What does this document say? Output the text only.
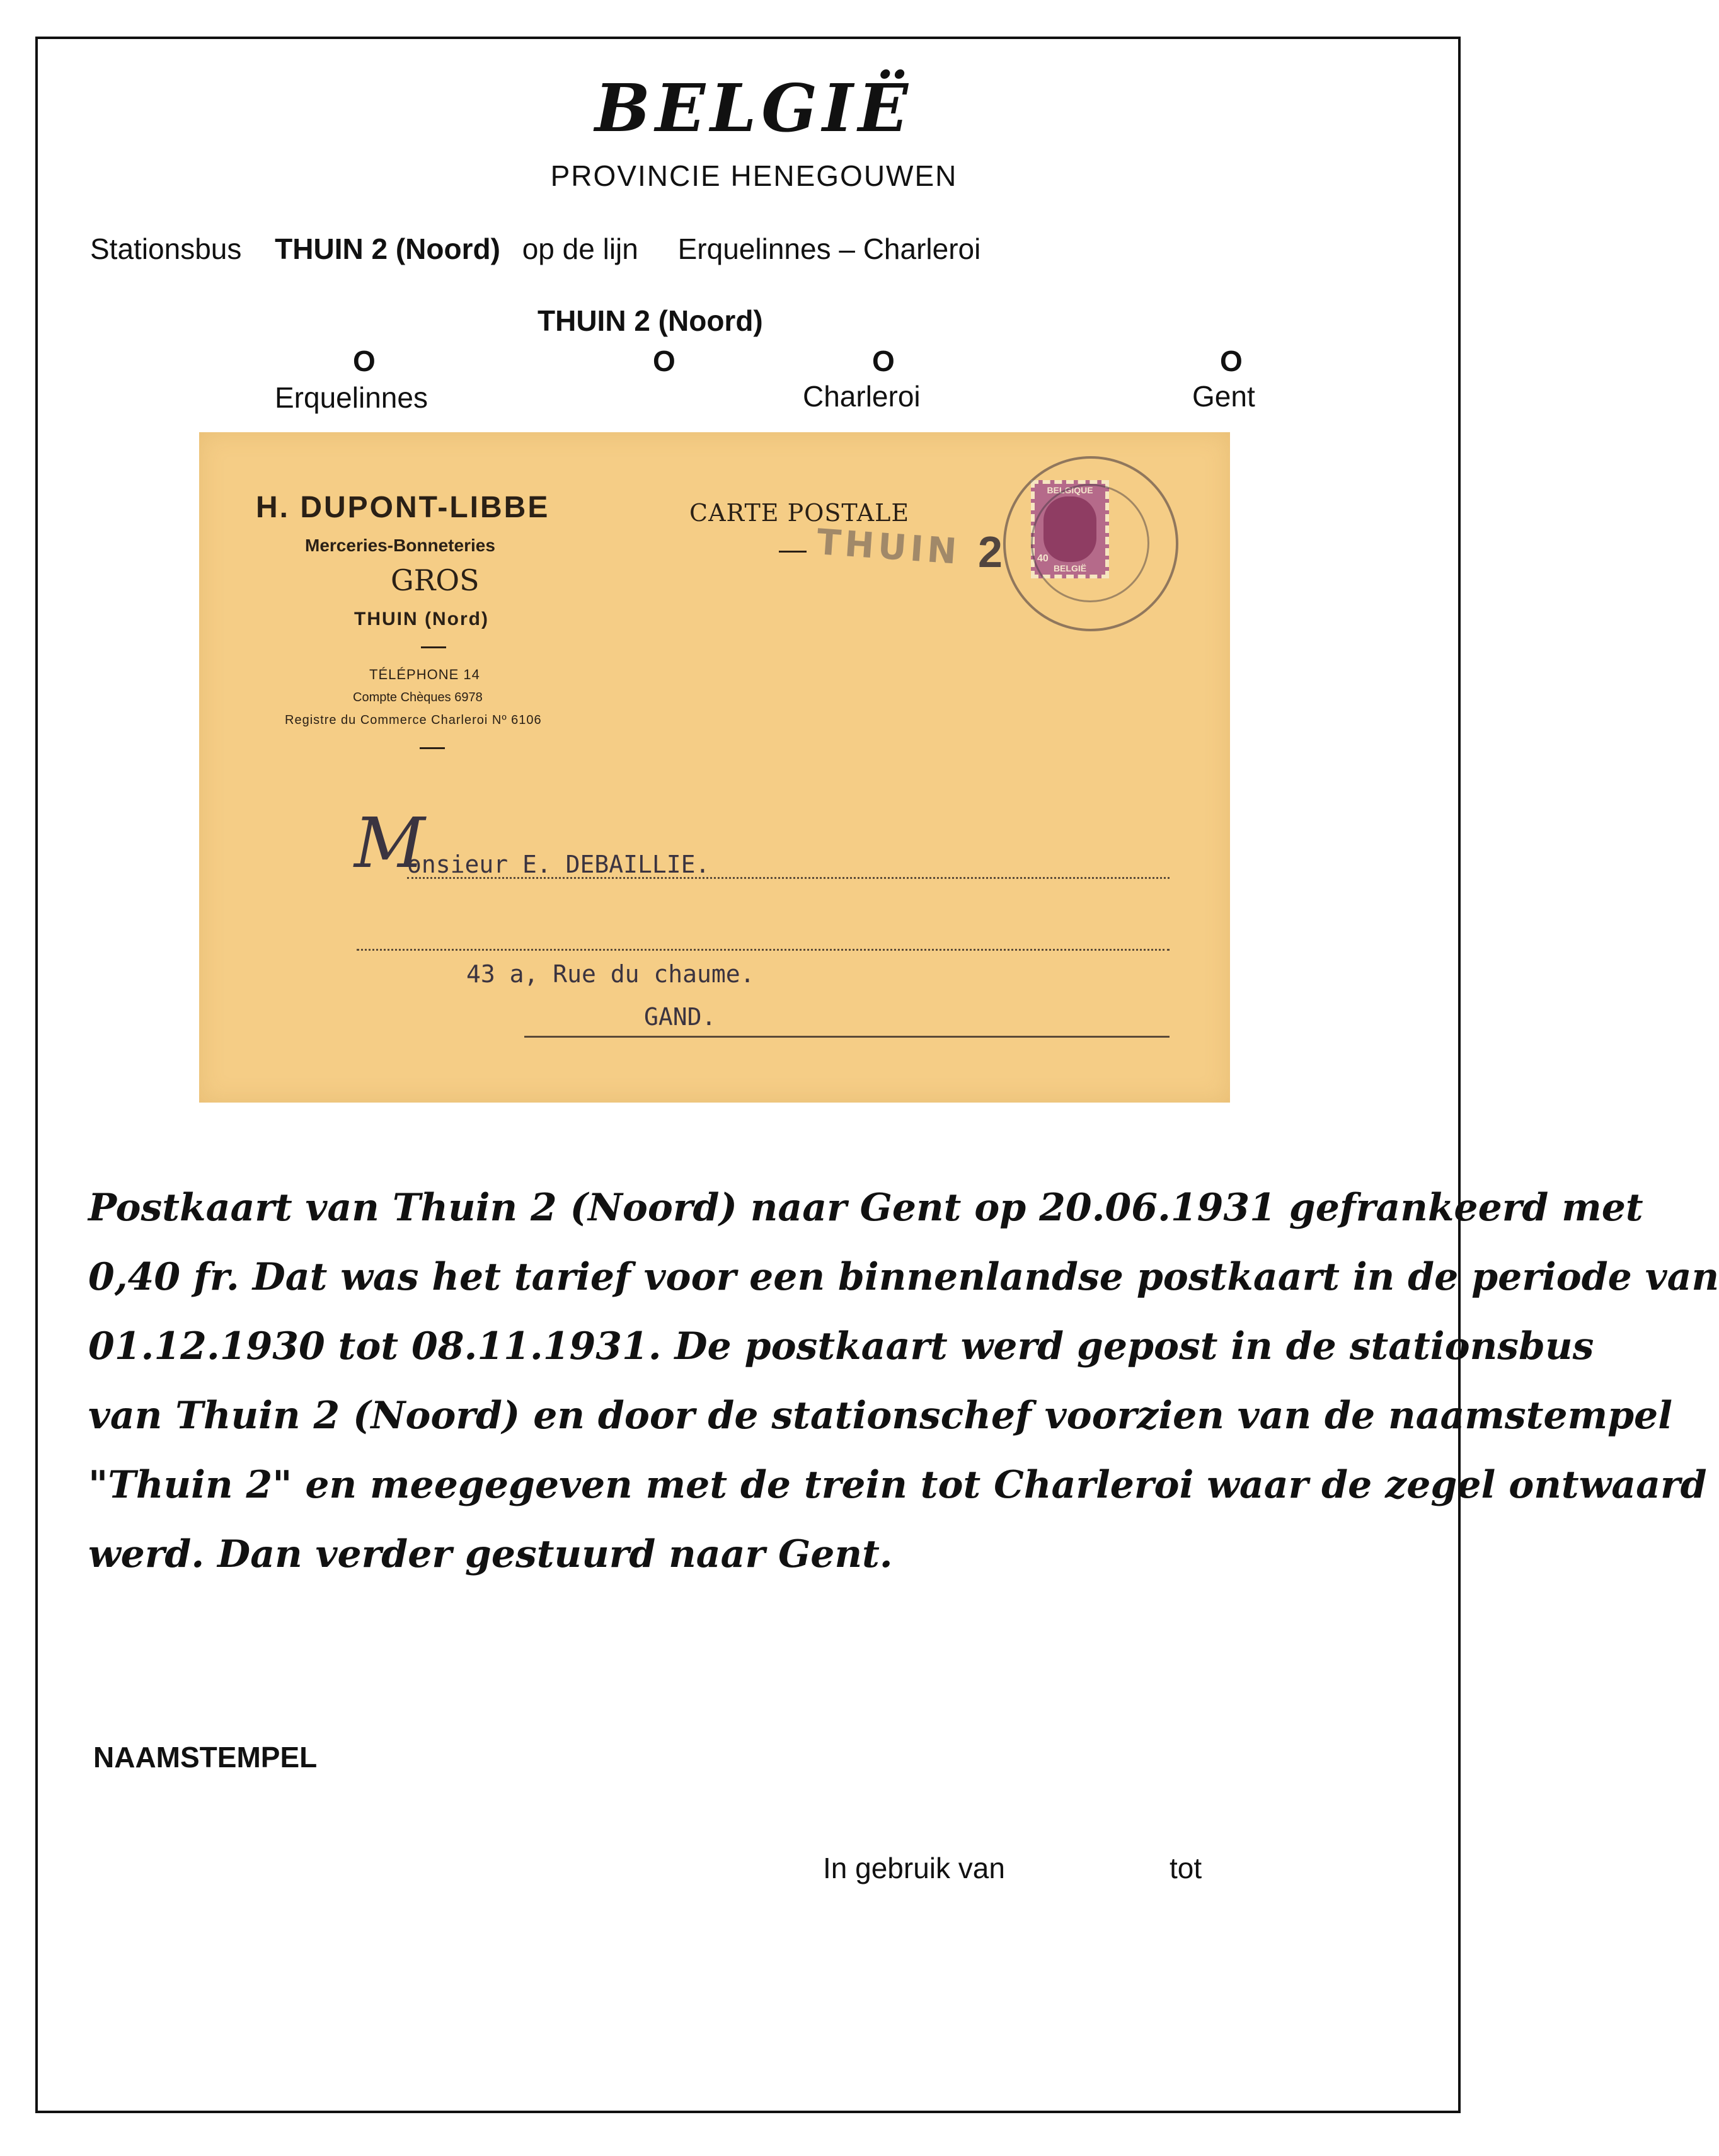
BELGIË
PROVINCIE HENEGOUWEN
Stationsbus THUIN 2 (Noord) op de lijn Erquelinnes – Charleroi
THUIN 2 (Noord)
O	O	O	O
Erquelinnes	Charleroi	Gent
H. DUPONT-LIBBE
Merceries-Bonneteries
GROS
THUIN (Nord)
TÉLÉPHONE 14
Compte Chèques 6978
Registre du Commerce Charleroi Nº 6106
CARTE POSTALE
THUIN 2
BELGIQUE
40
BELGIË
M
onsieur E. DEBAILLIE.
43 a, Rue du chaume.
GAND.
Postkaart van Thuin 2 (Noord) naar Gent op 20.06.1931 gefrankeerd met
0,40 fr. Dat was het tarief voor een binnenlandse postkaart in de periode van
01.12.1930 tot 08.11.1931. De postkaart werd gepost in de stationsbus
van Thuin 2 (Noord) en door de stationschef voorzien van de naamstempel
"Thuin 2" en meegegeven met de trein tot Charleroi waar de zegel ontwaard
werd. Dan verder gestuurd naar Gent.
NAAMSTEMPEL
In gebruik van	tot
